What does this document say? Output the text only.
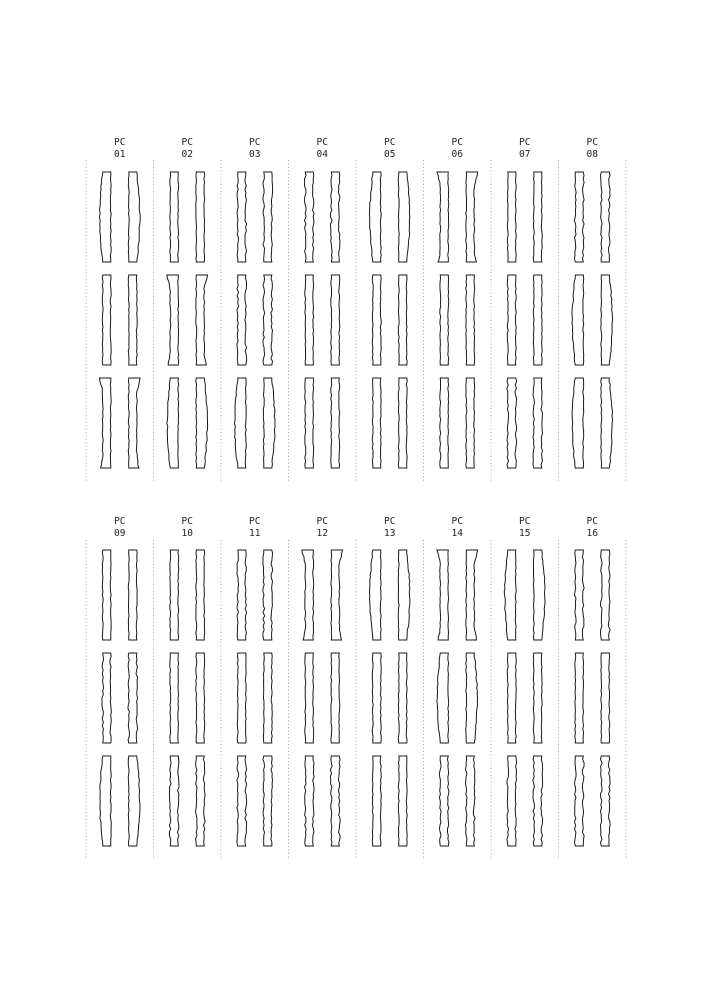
PC
01
PC
02
PC
03
PC
04
PC
05
PC
06
PC
07
PC
08
PC
09
PC
10
PC
11
PC
12
PC
13
PC
14
PC
15
PC
16
